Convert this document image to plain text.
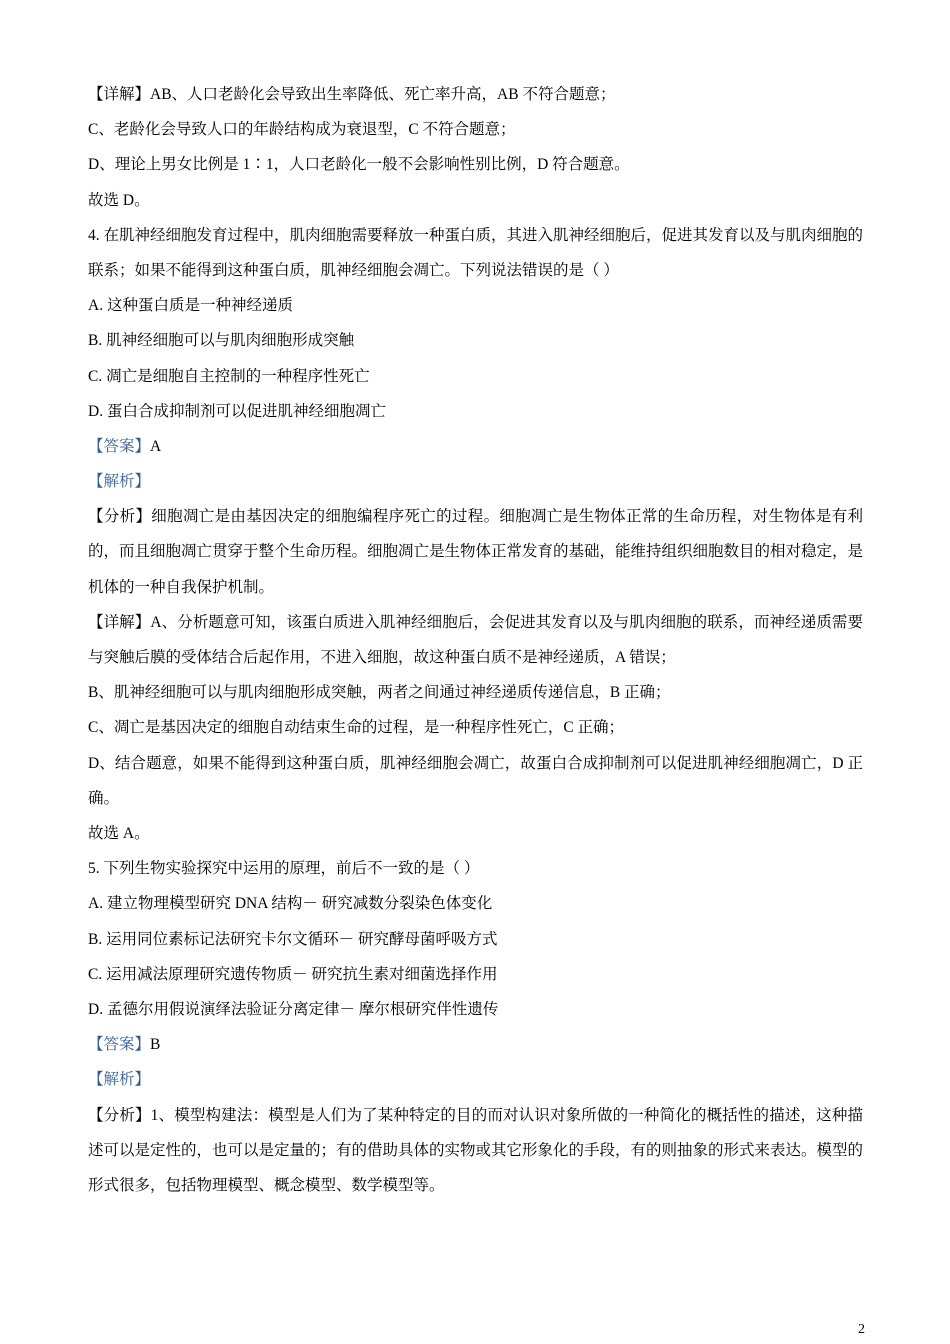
【详解】AB、人口老龄化会导致出生率降低、死亡率升高，AB 不符合题意；
C、老龄化会导致人口的年龄结构成为衰退型，C 不符合题意；
D、理论上男女比例是 1∶1，人口老龄化一般不会影响性别比例，D 符合题意。
故选 D。
4. 在肌神经细胞发育过程中，肌肉细胞需要释放一种蛋白质，其进入肌神经细胞后，促进其发育以及与肌肉细胞的联系；如果不能得到这种蛋白质，肌神经细胞会凋亡。下列说法错误的是（ ）
A. 这种蛋白质是一种神经递质
B. 肌神经细胞可以与肌肉细胞形成突触
C. 凋亡是细胞自主控制的一种程序性死亡
D. 蛋白合成抑制剂可以促进肌神经细胞凋亡
【答案】A
【解析】
【分析】细胞凋亡是由基因决定的细胞编程序死亡的过程。细胞凋亡是生物体正常的生命历程，对生物体是有利的，而且细胞凋亡贯穿于整个生命历程。细胞凋亡是生物体正常发育的基础，能维持组织细胞数目的相对稳定，是机体的一种自我保护机制。
【详解】A、分析题意可知，该蛋白质进入肌神经细胞后，会促进其发育以及与肌肉细胞的联系，而神经递质需要与突触后膜的受体结合后起作用，不进入细胞，故这种蛋白质不是神经递质，A 错误；
B、肌神经细胞可以与肌肉细胞形成突触，两者之间通过神经递质传递信息，B 正确；
C、凋亡是基因决定的细胞自动结束生命的过程，是一种程序性死亡，C 正确；
D、结合题意，如果不能得到这种蛋白质，肌神经细胞会凋亡，故蛋白合成抑制剂可以促进肌神经细胞凋亡，D 正确。
故选 A。
5. 下列生物实验探究中运用的原理，前后不一致的是（ ）
A. 建立物理模型研究 DNA 结构－ 研究减数分裂染色体变化
B. 运用同位素标记法研究卡尔文循环－ 研究酵母菌呼吸方式
C. 运用减法原理研究遗传物质－ 研究抗生素对细菌选择作用
D. 孟德尔用假说演绎法验证分离定律－ 摩尔根研究伴性遗传
【答案】B
【解析】
【分析】1、模型构建法：模型是人们为了某种特定的目的而对认识对象所做的一种简化的概括性的描述，这种描述可以是定性的，也可以是定量的；有的借助具体的实物或其它形象化的手段，有的则抽象的形式来表达。模型的形式很多，包括物理模型、概念模型、数学模型等。
2
